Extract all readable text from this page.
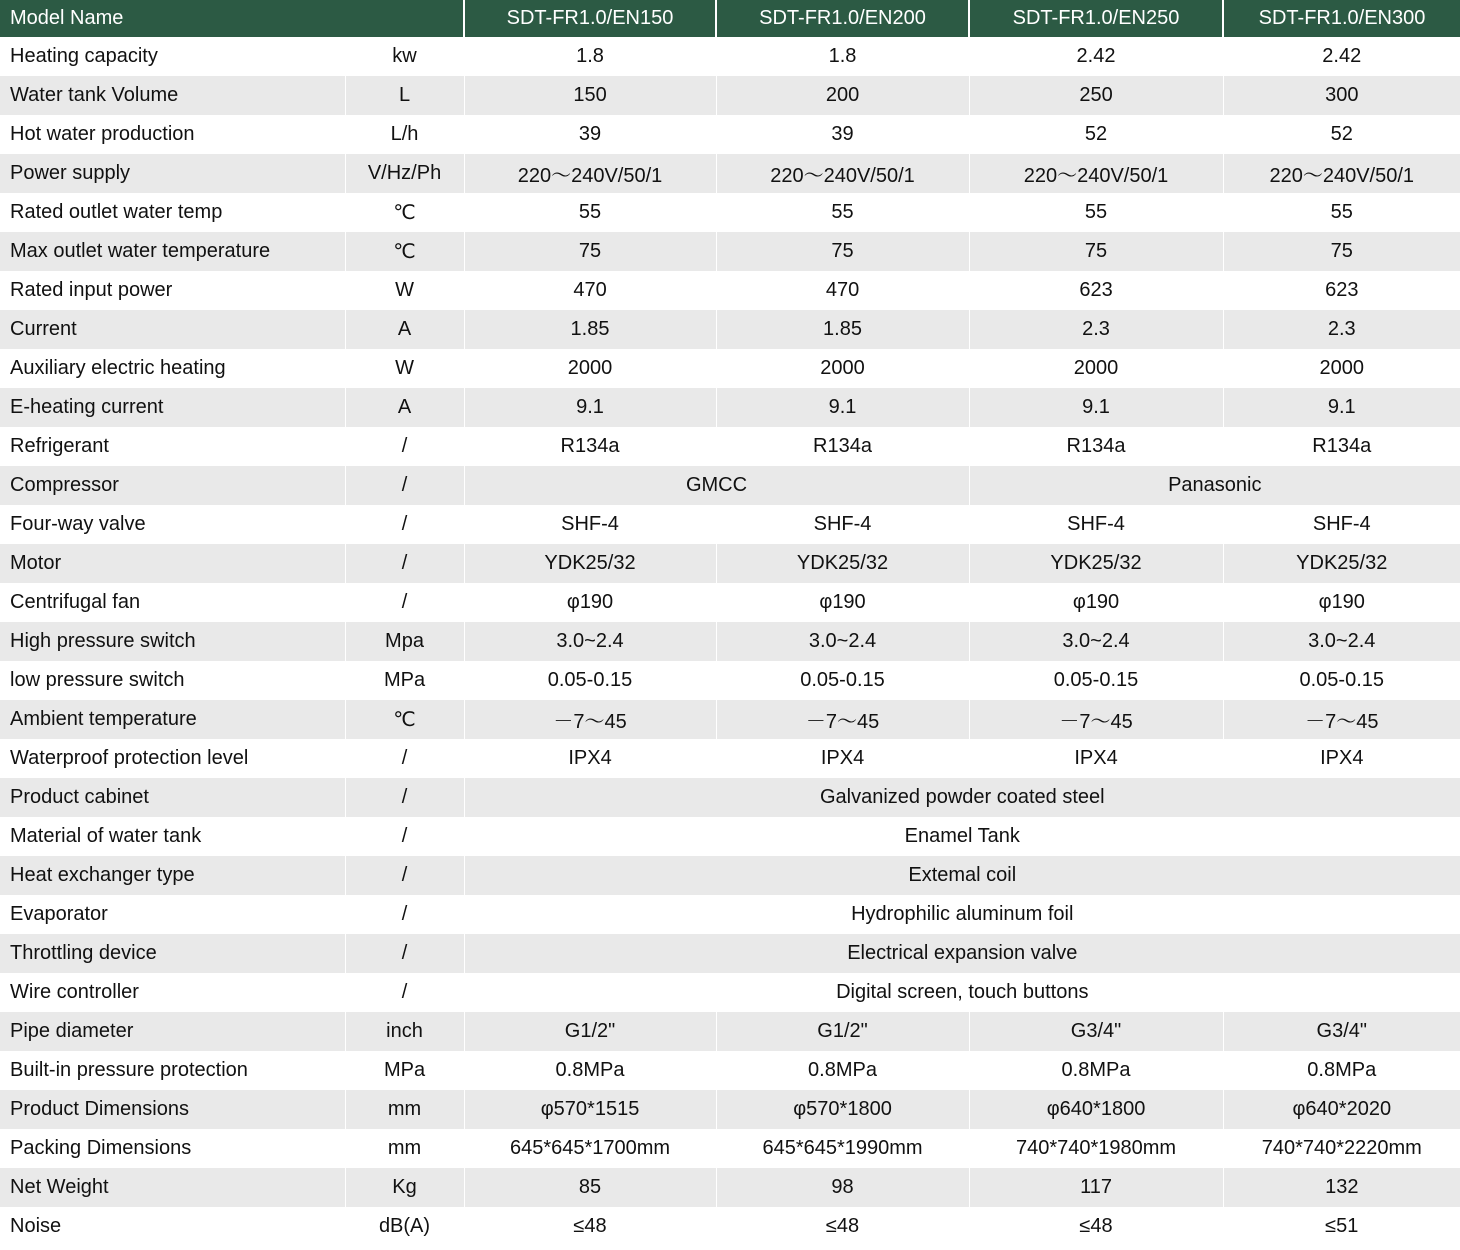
Model Name		SDT-FR1.0/EN150	SDT-FR1.0/EN200	SDT-FR1.0/EN250	SDT-FR1.0/EN300
Heating capacity	kw	1.8	1.8	2.42	2.42
Water tank Volume	L	150	200	250	300
Hot water production	L/h	39	39	52	52
Power supply	V/Hz/Ph	220～240V/50/1	220～240V/50/1	220～240V/50/1	220～240V/50/1
Rated outlet water temp	℃	55	55	55	55
Max outlet water temperature	℃	75	75	75	75
Rated input power	W	470	470	623	623
Current	A	1.85	1.85	2.3	2.3
Auxiliary electric heating	W	2000	2000	2000	2000
E-heating current	A	9.1	9.1	9.1	9.1
Refrigerant	/	R134a	R134a	R134a	R134a
Compressor	/	GMCC		Panasonic	
Four-way valve	/	SHF-4	SHF-4	SHF-4	SHF-4
Motor	/	YDK25/32	YDK25/32	YDK25/32	YDK25/32
Centrifugal fan	/	φ190	φ190	φ190	φ190
High pressure switch	Mpa	3.0~2.4	3.0~2.4	3.0~2.4	3.0~2.4
low pressure switch	MPa	0.05-0.15	0.05-0.15	0.05-0.15	0.05-0.15
Ambient temperature	℃	－7～45	－7～45	－7～45	－7～45
Waterproof protection level	/	IPX4	IPX4	IPX4	IPX4
Product cabinet	/	Galvanized powder coated steel			
Material of water tank	/	Enamel Tank			
Heat exchanger type	/	Extemal coil			
Evaporator	/	Hydrophilic aluminum foil			
Throttling device	/	Electrical expansion valve			
Wire controller	/	Digital screen, touch buttons			
Pipe diameter	inch	G1/2"	G1/2"	G3/4"	G3/4"
Built-in pressure protection	MPa	0.8MPa	0.8MPa	0.8MPa	0.8MPa
Product Dimensions	mm	φ570*1515	φ570*1800	φ640*1800	φ640*2020
Packing Dimensions	mm	645*645*1700mm	645*645*1990mm	740*740*1980mm	740*740*2220mm
Net Weight	Kg	85	98	117	132
Noise	dB(A)	≤48	≤48	≤48	≤51
